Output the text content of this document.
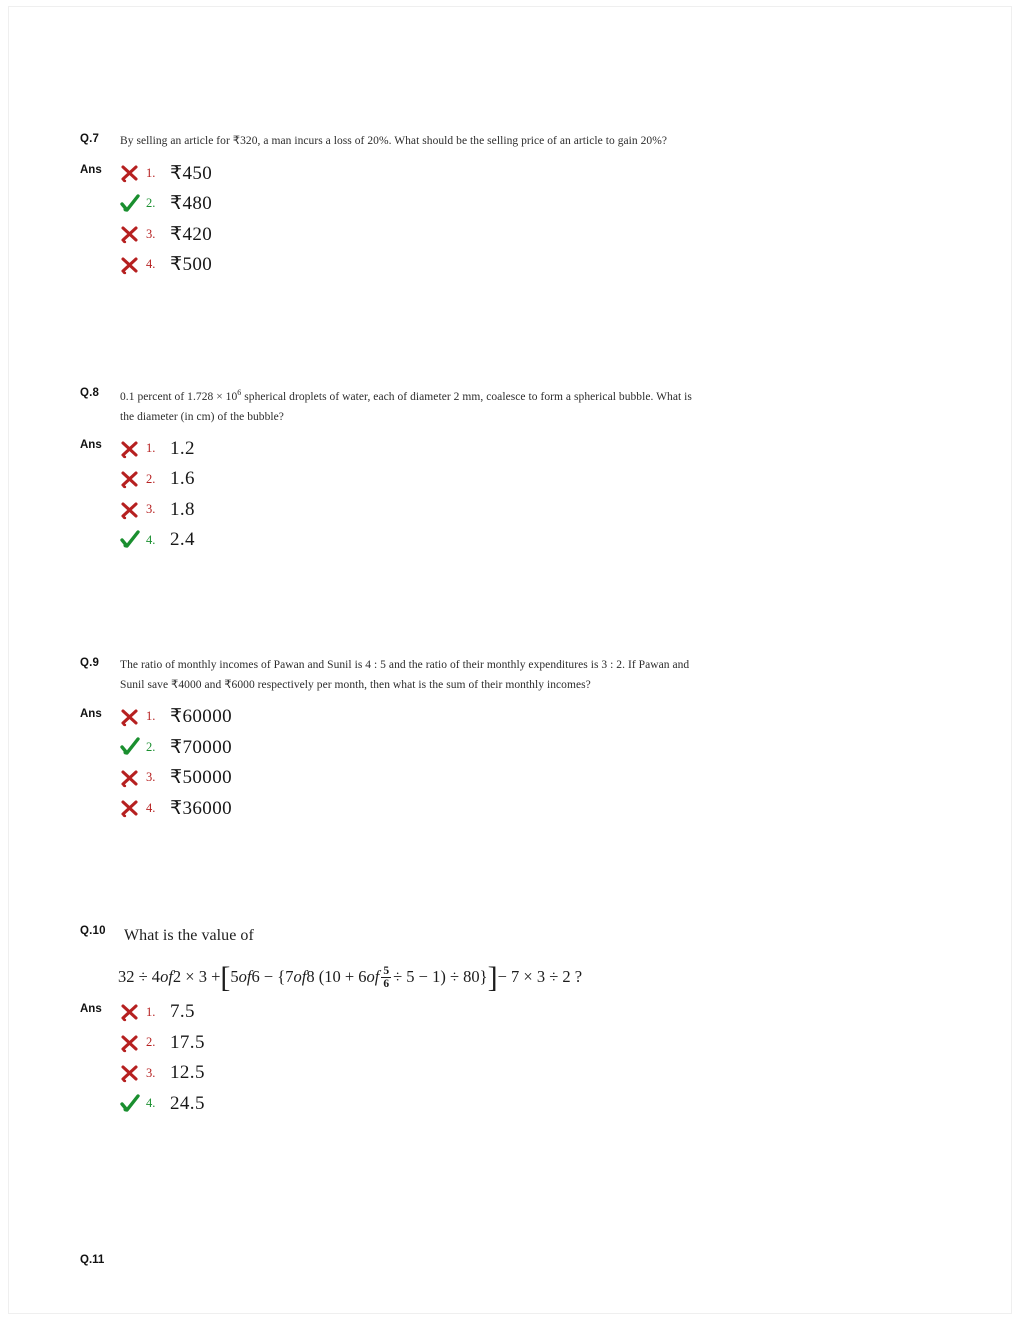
Q.7	By selling an article for ₹320, a man incurs a loss of 20%. What should be the selling price of an article to gain 20%?
Ans	1. ₹450
2. ₹480
3. ₹420
4. ₹500
Q.8	0.1 percent of $1.728 \times 10^6$ spherical droplets of water, each of diameter 2 mm, coalesce to form a spherical bubble. What is the diameter (in cm) of the bubble?
Ans	1. 1.2
2. 1.6
3. 1.8
4. 2.4
Q.9	The ratio of monthly incomes of Pawan and Sunil is 4 : 5 and the ratio of their monthly expenditures is 3 : 2. If Pawan and Sunil save ₹4000 and ₹6000 respectively per month, then what is the sum of their monthly incomes?
Ans	1. ₹60000
2. ₹70000
3. ₹50000
4. ₹36000
Q.10	What is the value of
32 ÷ 4 of 2 × 3 + [ 5 of 6 − {7 of 8 (10 + 6 of $\frac{5}{6} \div 5 - 1) \div 80$} ] − 7 × 3 ÷ 2 ?
Ans	1. 7.5
2. 17.5
3. 12.5
4. 24.5
Q.11
